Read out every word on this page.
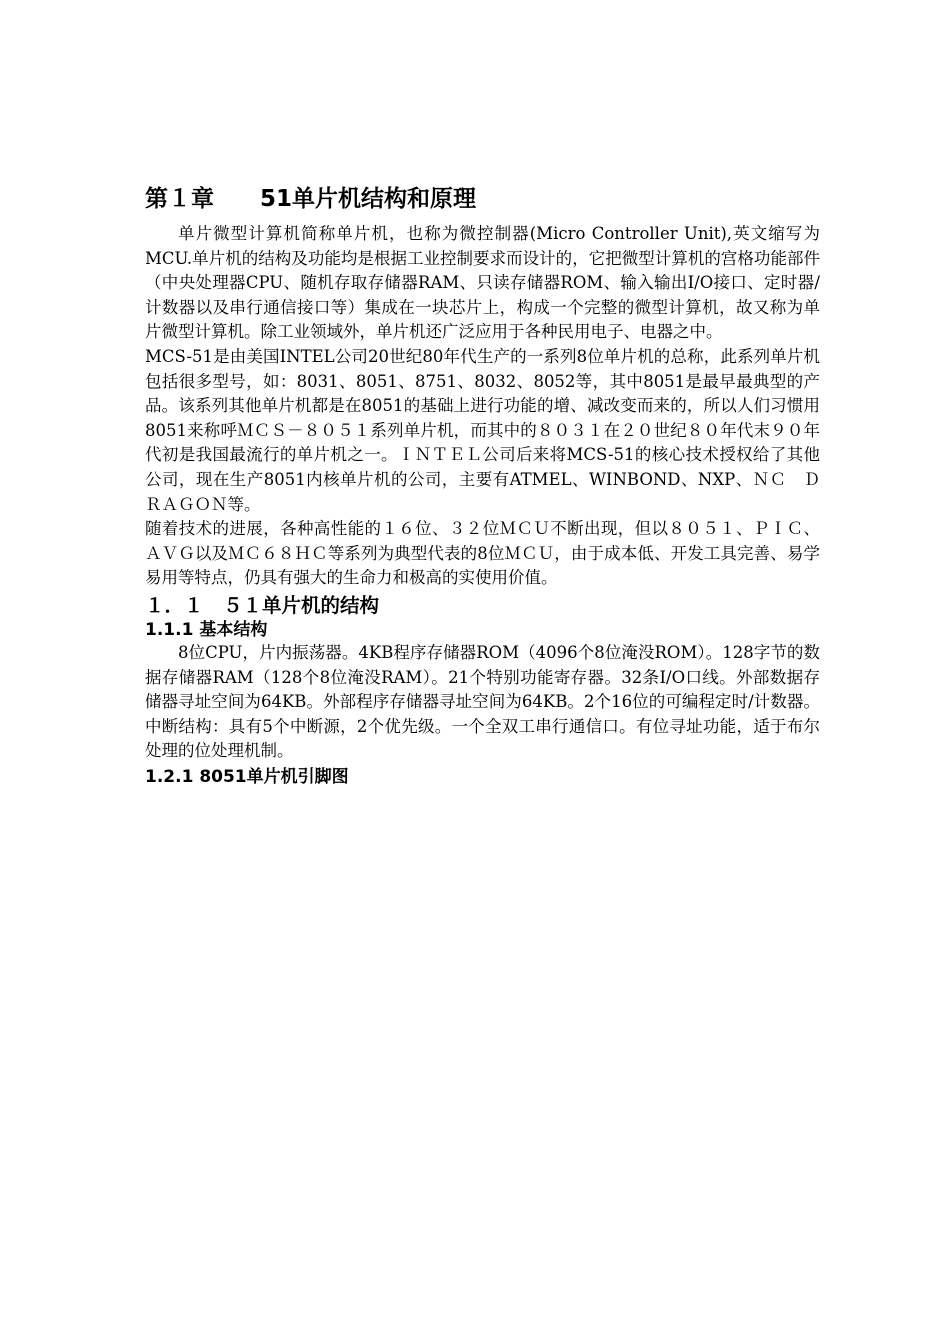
第１章　　51单片机结构和原理

单片微型计算机简称单片机，也称为微控制器(Micro Controller Unit),英文缩写为MCU.单片机的结构及功能均是根据工业控制要求而设计的，它把微型计算机的宫格功能部件（中央处理器CPU、随机存取存储器RAM、只读存储器ROM、输入输出I/O接口、定时器/计数器以及串行通信接口等）集成在一块芯片上，构成一个完整的微型计算机，故又称为单片微型计算机。除工业领域外，单片机还广泛应用于各种民用电子、电器之中。

MCS-51是由美国INTEL公司20世纪80年代生产的一系列8位单片机的总称，此系列单片机包括很多型号，如：8031、8051、8751、8032、8052等，其中8051是最早最典型的产品。该系列其他单片机都是在8051的基础上进行功能的增、减改变而来的，所以人们习惯用8051来称呼ＭＣＳ－８０５１系列单片机，而其中的８０３１在２０世纪８０年代末９０年代初是我国最流行的单片机之一。ＩＮＴＥＬ公司后来将MCS-51的核心技术授权给了其他公司，现在生产8051内核单片机的公司，主要有ATMEL、WINBOND、NXP、ＮＣ　ＤＲＡＧＯＮ等。

随着技术的进展，各种高性能的１６位、３２位ＭＣＵ不断出现，但以８０５１、ＰＩＣ、ＡＶＧ以及ＭＣ６８ＨＣ等系列为典型代表的8位ＭＣＵ，由于成本低、开发工具完善、易学易用等特点，仍具有强大的生命力和极高的实使用价值。

１．１　５１单片机的结构
1.1.1 基本结构

8位CPU，片内振荡器。4KB程序存储器ROM（4096个8位淹没ROM）。128字节的数据存储器RAM（128个8位淹没RAM）。21个特别功能寄存器。32条I/O口线。外部数据存储器寻址空间为64KB。外部程序存储器寻址空间为64KB。2个16位的可编程定时/计数器。中断结构：具有5个中断源，2个优先级。一个全双工串行通信口。有位寻址功能，适于布尔处理的位处理机制。

1.2.1 8051单片机引脚图
